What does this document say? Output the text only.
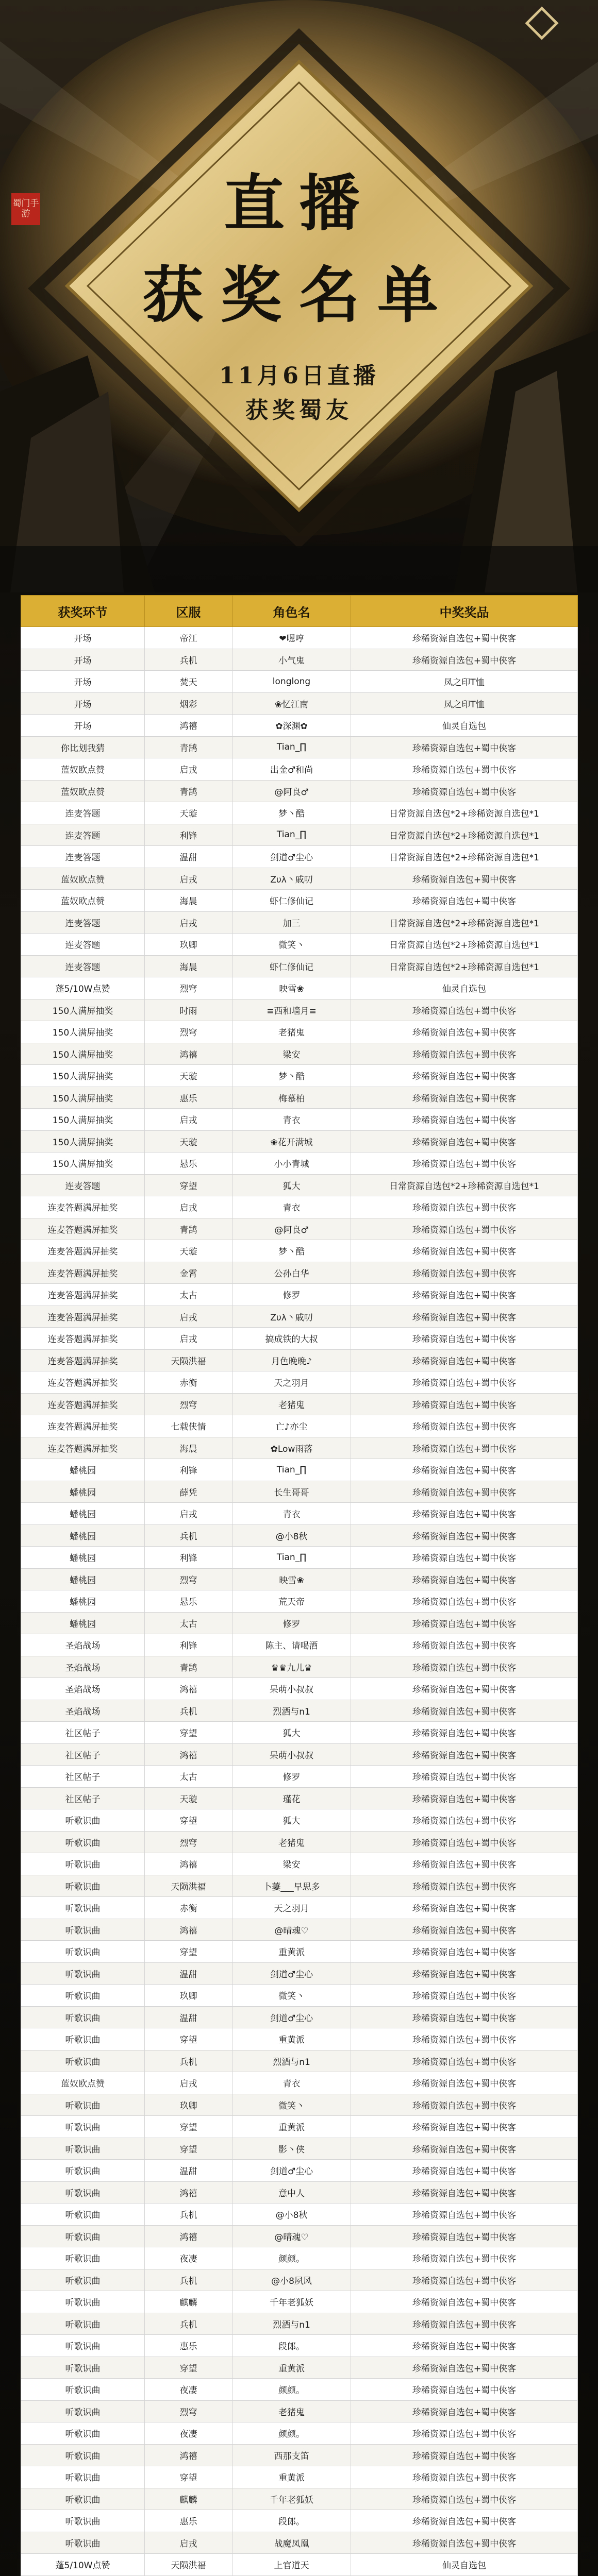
蜀门手游	直播
获奖名单
11月6日直播
获奖蜀友
获奖环节	区服	角色名	中奖奖品
开场	帝江	❤嗯哼	珍稀资源自选包+蜀中侠客
开场	兵机	小气鬼	珍稀资源自选包+蜀中侠客
开场	焚天	longlong	凤之印T恤
开场	烟彩	❀忆江南	凤之印T恤
开场	鸿禧	✿深渊✿	仙灵自选包
你比划我猜	青鹄	Tian_∏	珍稀资源自选包+蜀中侠客
蓝奴欧点赞	启戎	出金♂和尚	珍稀资源自选包+蜀中侠客
蓝奴欧点赞	青鹄	@阿良♂	珍稀资源自选包+蜀中侠客
连麦答题	天璇	梦丶酷	日常资源自选包*2+珍稀资源自选包*1
连麦答题	利锋	Tian_∏	日常资源自选包*2+珍稀资源自选包*1
连麦答题	温甜	剑道♂尘心	日常资源自选包*2+珍稀资源自选包*1
蓝奴欧点赞	启戎	Ζυλ丶戚叨	珍稀资源自选包+蜀中侠客
蓝奴欧点赞	海晨	虾仁修仙记	珍稀资源自选包+蜀中侠客
连麦答题	启戎	加三	日常资源自选包*2+珍稀资源自选包*1
连麦答题	玖卿	微笑丶	日常资源自选包*2+珍稀资源自选包*1
连麦答题	海晨	虾仁修仙记	日常资源自选包*2+珍稀资源自选包*1
蓬5/10W点赞	烈穹	映雪❀	仙灵自选包
150人满屏抽奖	时雨	≡西和墙月≡	珍稀资源自选包+蜀中侠客
150人满屏抽奖	烈穹	老猪鬼	珍稀资源自选包+蜀中侠客
150人满屏抽奖	鸿禧	梁安	珍稀资源自选包+蜀中侠客
150人满屏抽奖	天璇	梦丶酷	珍稀资源自选包+蜀中侠客
150人满屏抽奖	惠乐	梅慕柏	珍稀资源自选包+蜀中侠客
150人满屏抽奖	启戎	青衣	珍稀资源自选包+蜀中侠客
150人满屏抽奖	天璇	❀花开满城	珍稀资源自选包+蜀中侠客
150人满屏抽奖	悬乐	小小青城	珍稀资源自选包+蜀中侠客
连麦答题	穿望	狐大	日常资源自选包*2+珍稀资源自选包*1
连麦答题满屏抽奖	启戎	青衣	珍稀资源自选包+蜀中侠客
连麦答题满屏抽奖	青鹄	@阿良♂	珍稀资源自选包+蜀中侠客
连麦答题满屏抽奖	天璇	梦丶酷	珍稀资源自选包+蜀中侠客
连麦答题满屏抽奖	金霄	公孙白华	珍稀资源自选包+蜀中侠客
连麦答题满屏抽奖	太古	修罗	珍稀资源自选包+蜀中侠客
连麦答题满屏抽奖	启戎	Ζυλ丶戚叨	珍稀资源自选包+蜀中侠客
连麦答题满屏抽奖	启戎	搞成铁的大叔	珍稀资源自选包+蜀中侠客
连麦答题满屏抽奖	天陨洪福	月色晚晚♪	珍稀资源自选包+蜀中侠客
连麦答题满屏抽奖	赤衡	天之羽月	珍稀资源自选包+蜀中侠客
连麦答题满屏抽奖	烈穹	老猪鬼	珍稀资源自选包+蜀中侠客
连麦答题满屏抽奖	七载侠情	亡♪亦尘	珍稀资源自选包+蜀中侠客
连麦答题满屏抽奖	海晨	✿Low雨落	珍稀资源自选包+蜀中侠客
蟠桃园	利锋	Tian_∏	珍稀资源自选包+蜀中侠客
蟠桃园	薛凭	长生哥哥	珍稀资源自选包+蜀中侠客
蟠桃园	启戎	青衣	珍稀资源自选包+蜀中侠客
蟠桃园	兵机	@小8秋	珍稀资源自选包+蜀中侠客
蟠桃园	利锋	Tian_∏	珍稀资源自选包+蜀中侠客
蟠桃园	烈穹	映雪❀	珍稀资源自选包+蜀中侠客
蟠桃园	悬乐	荒天帝	珍稀资源自选包+蜀中侠客
蟠桃园	太古	修罗	珍稀资源自选包+蜀中侠客
圣焰战场	利锋	陈主、请喝酒	珍稀资源自选包+蜀中侠客
圣焰战场	青鹄	♛♛九儿♛	珍稀资源自选包+蜀中侠客
圣焰战场	鸿禧	呆萌小叔叔	珍稀资源自选包+蜀中侠客
圣焰战场	兵机	烈酒与n1	珍稀资源自选包+蜀中侠客
社区帖子	穿望	狐大	珍稀资源自选包+蜀中侠客
社区帖子	鸿禧	呆萌小叔叔	珍稀资源自选包+蜀中侠客
社区帖子	太古	修罗	珍稀资源自选包+蜀中侠客
社区帖子	天璇	瑾花	珍稀资源自选包+蜀中侠客
听歌识曲	穿望	狐大	珍稀资源自选包+蜀中侠客
听歌识曲	烈穹	老猪鬼	珍稀资源自选包+蜀中侠客
听歌识曲	鸿禧	梁安	珍稀资源自选包+蜀中侠客
听歌识曲	天陨洪福	卜萋___早思多	珍稀资源自选包+蜀中侠客
听歌识曲	赤衡	天之羽月	珍稀资源自选包+蜀中侠客
听歌识曲	鸿禧	@晴魂♡	珍稀资源自选包+蜀中侠客
听歌识曲	穿望	重黄派	珍稀资源自选包+蜀中侠客
听歌识曲	温甜	剑道♂尘心	珍稀资源自选包+蜀中侠客
听歌识曲	玖卿	微笑丶	珍稀资源自选包+蜀中侠客
听歌识曲	温甜	剑道♂尘心	珍稀资源自选包+蜀中侠客
听歌识曲	穿望	重黄派	珍稀资源自选包+蜀中侠客
听歌识曲	兵机	烈酒与n1	珍稀资源自选包+蜀中侠客
蓝奴欧点赞	启戎	青衣	珍稀资源自选包+蜀中侠客
听歌识曲	玖卿	微笑丶	珍稀资源自选包+蜀中侠客
听歌识曲	穿望	重黄派	珍稀资源自选包+蜀中侠客
听歌识曲	穿望	影丶侠	珍稀资源自选包+蜀中侠客
听歌识曲	温甜	剑道♂尘心	珍稀资源自选包+蜀中侠客
听歌识曲	鸿禧	意中人	珍稀资源自选包+蜀中侠客
听歌识曲	兵机	@小8秋	珍稀资源自选包+蜀中侠客
听歌识曲	鸿禧	@晴魂♡	珍稀资源自选包+蜀中侠客
听歌识曲	夜凄	颜颜。	珍稀资源自选包+蜀中侠客
听歌识曲	兵机	@小8夙风	珍稀资源自选包+蜀中侠客
听歌识曲	麒麟	千年老狐妖	珍稀资源自选包+蜀中侠客
听歌识曲	兵机	烈酒与n1	珍稀资源自选包+蜀中侠客
听歌识曲	惠乐	段郎。	珍稀资源自选包+蜀中侠客
听歌识曲	穿望	重黄派	珍稀资源自选包+蜀中侠客
听歌识曲	夜凄	颜颜。	珍稀资源自选包+蜀中侠客
听歌识曲	烈穹	老猪鬼	珍稀资源自选包+蜀中侠客
听歌识曲	夜凄	颜颜。	珍稀资源自选包+蜀中侠客
听歌识曲	鸿禧	西那支笛	珍稀资源自选包+蜀中侠客
听歌识曲	穿望	重黄派	珍稀资源自选包+蜀中侠客
听歌识曲	麒麟	千年老狐妖	珍稀资源自选包+蜀中侠客
听歌识曲	惠乐	段郎。	珍稀资源自选包+蜀中侠客
听歌识曲	启戎	战魔凤凰	珍稀资源自选包+蜀中侠客
蓬5/10W点赞	天陨洪福	上官道天	仙灵自选包
